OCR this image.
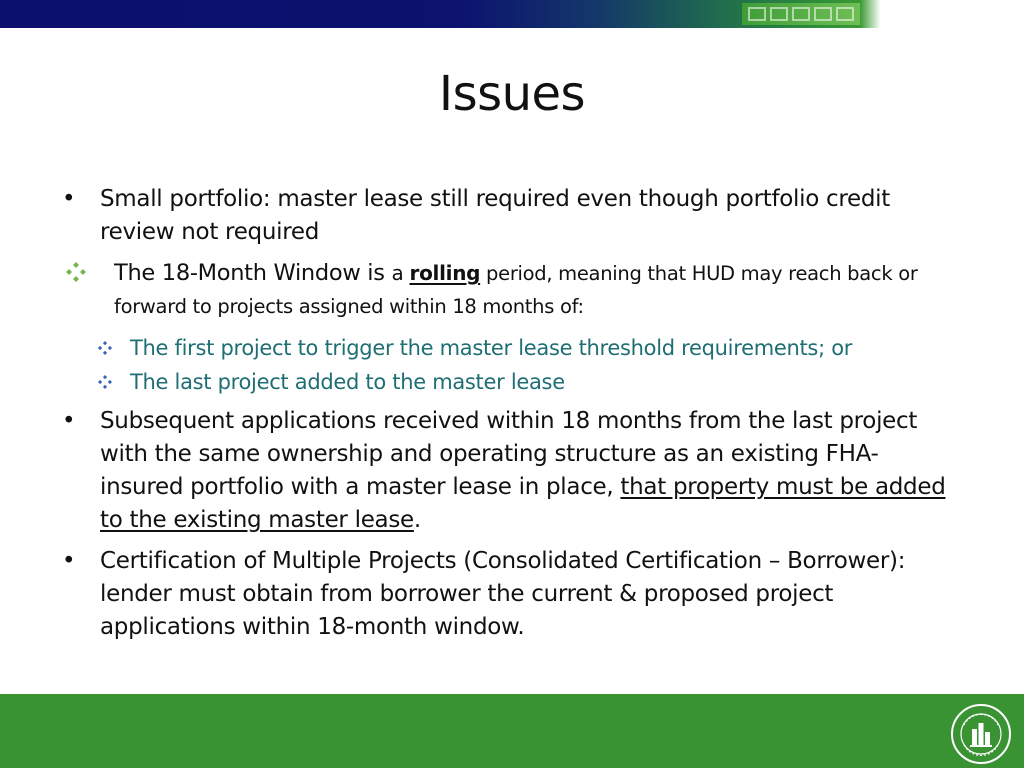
Issues
•	Small portfolio: master lease still required even though portfolio credit review not required
The 18-Month Window is a rolling period, meaning that HUD may reach back or forward to projects assigned within 18 months of:
The first project to trigger the master lease threshold requirements; or
The last project added to the master lease
•	Subsequent applications received within 18 months from the last project with the same ownership and operating structure as an existing FHA-insured portfolio with a master lease in place, that property must be added to the existing master lease.
•	Certification of Multiple Projects (Consolidated Certification – Borrower): lender must obtain from borrower the current & proposed project applications within 18-month window.
